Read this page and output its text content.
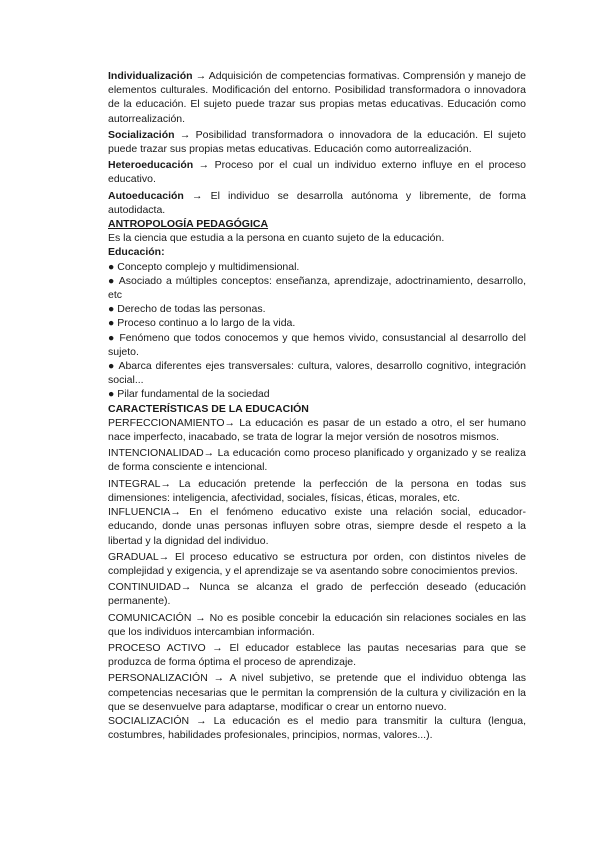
Individualización → Adquisición de competencias formativas. Comprensión y manejo de elementos culturales. Modificación del entorno. Posibilidad transformadora o innovadora de la educación. El sujeto puede trazar sus propias metas educativas. Educación como autorrealización.

Socialización → Posibilidad transformadora o innovadora de la educación. El sujeto puede trazar sus propias metas educativas. Educación como autorrealización.

Heteroeducación → Proceso por el cual un individuo externo influye en el proceso educativo.

Autoeducación → El individuo se desarrolla autónoma y libremente, de forma autodidacta.

ANTROPOLOGÍA PEDAGÓGICA

Es la ciencia que estudia a la persona en cuanto sujeto de la educación.

Educación:

● Concepto complejo y multidimensional.

● Asociado a múltiples conceptos: enseñanza, aprendizaje, adoctrinamiento, desarrollo, etc

● Derecho de todas las personas.

● Proceso continuo a lo largo de la vida.

● Fenómeno que todos conocemos y que hemos vivido, consustancial al desarrollo del sujeto.

● Abarca diferentes ejes transversales: cultura, valores, desarrollo cognitivo, integración social...

● Pilar fundamental de la sociedad

CARACTERÍSTICAS DE LA EDUCACIÓN

PERFECCIONAMIENTO→ La educación es pasar de un estado a otro, el ser humano nace imperfecto, inacabado, se trata de lograr la mejor versión de nosotros mismos.

INTENCIONALIDAD→ La educación como proceso planificado y organizado y se realiza de forma consciente e intencional.

INTEGRAL→ La educación pretende la perfección de la persona en todas sus dimensiones: inteligencia, afectividad, sociales, físicas, éticas, morales, etc.

INFLUENCIA→ En el fenómeno educativo existe una relación social, educador-educando, donde unas personas influyen sobre otras, siempre desde el respeto a la libertad y la dignidad del individuo.

GRADUAL→ El proceso educativo se estructura por orden, con distintos niveles de complejidad y exigencia, y el aprendizaje se va asentando sobre conocimientos previos.

CONTINUIDAD→ Nunca se alcanza el grado de perfección deseado (educación permanente).

COMUNICACIÓN → No es posible concebir la educación sin relaciones sociales en las que los individuos intercambian información.

PROCESO ACTIVO → El educador establece las pautas necesarias para que se produzca de forma óptima el proceso de aprendizaje.

PERSONALIZACIÓN → A nivel subjetivo, se pretende que el individuo obtenga las competencias necesarias que le permitan la comprensión de la cultura y civilización en la que se desenvuelve para adaptarse, modificar o crear un entorno nuevo.

SOCIALIZACIÓN → La educación es el medio para transmitir la cultura (lengua, costumbres, habilidades profesionales, principios, normas, valores...).
